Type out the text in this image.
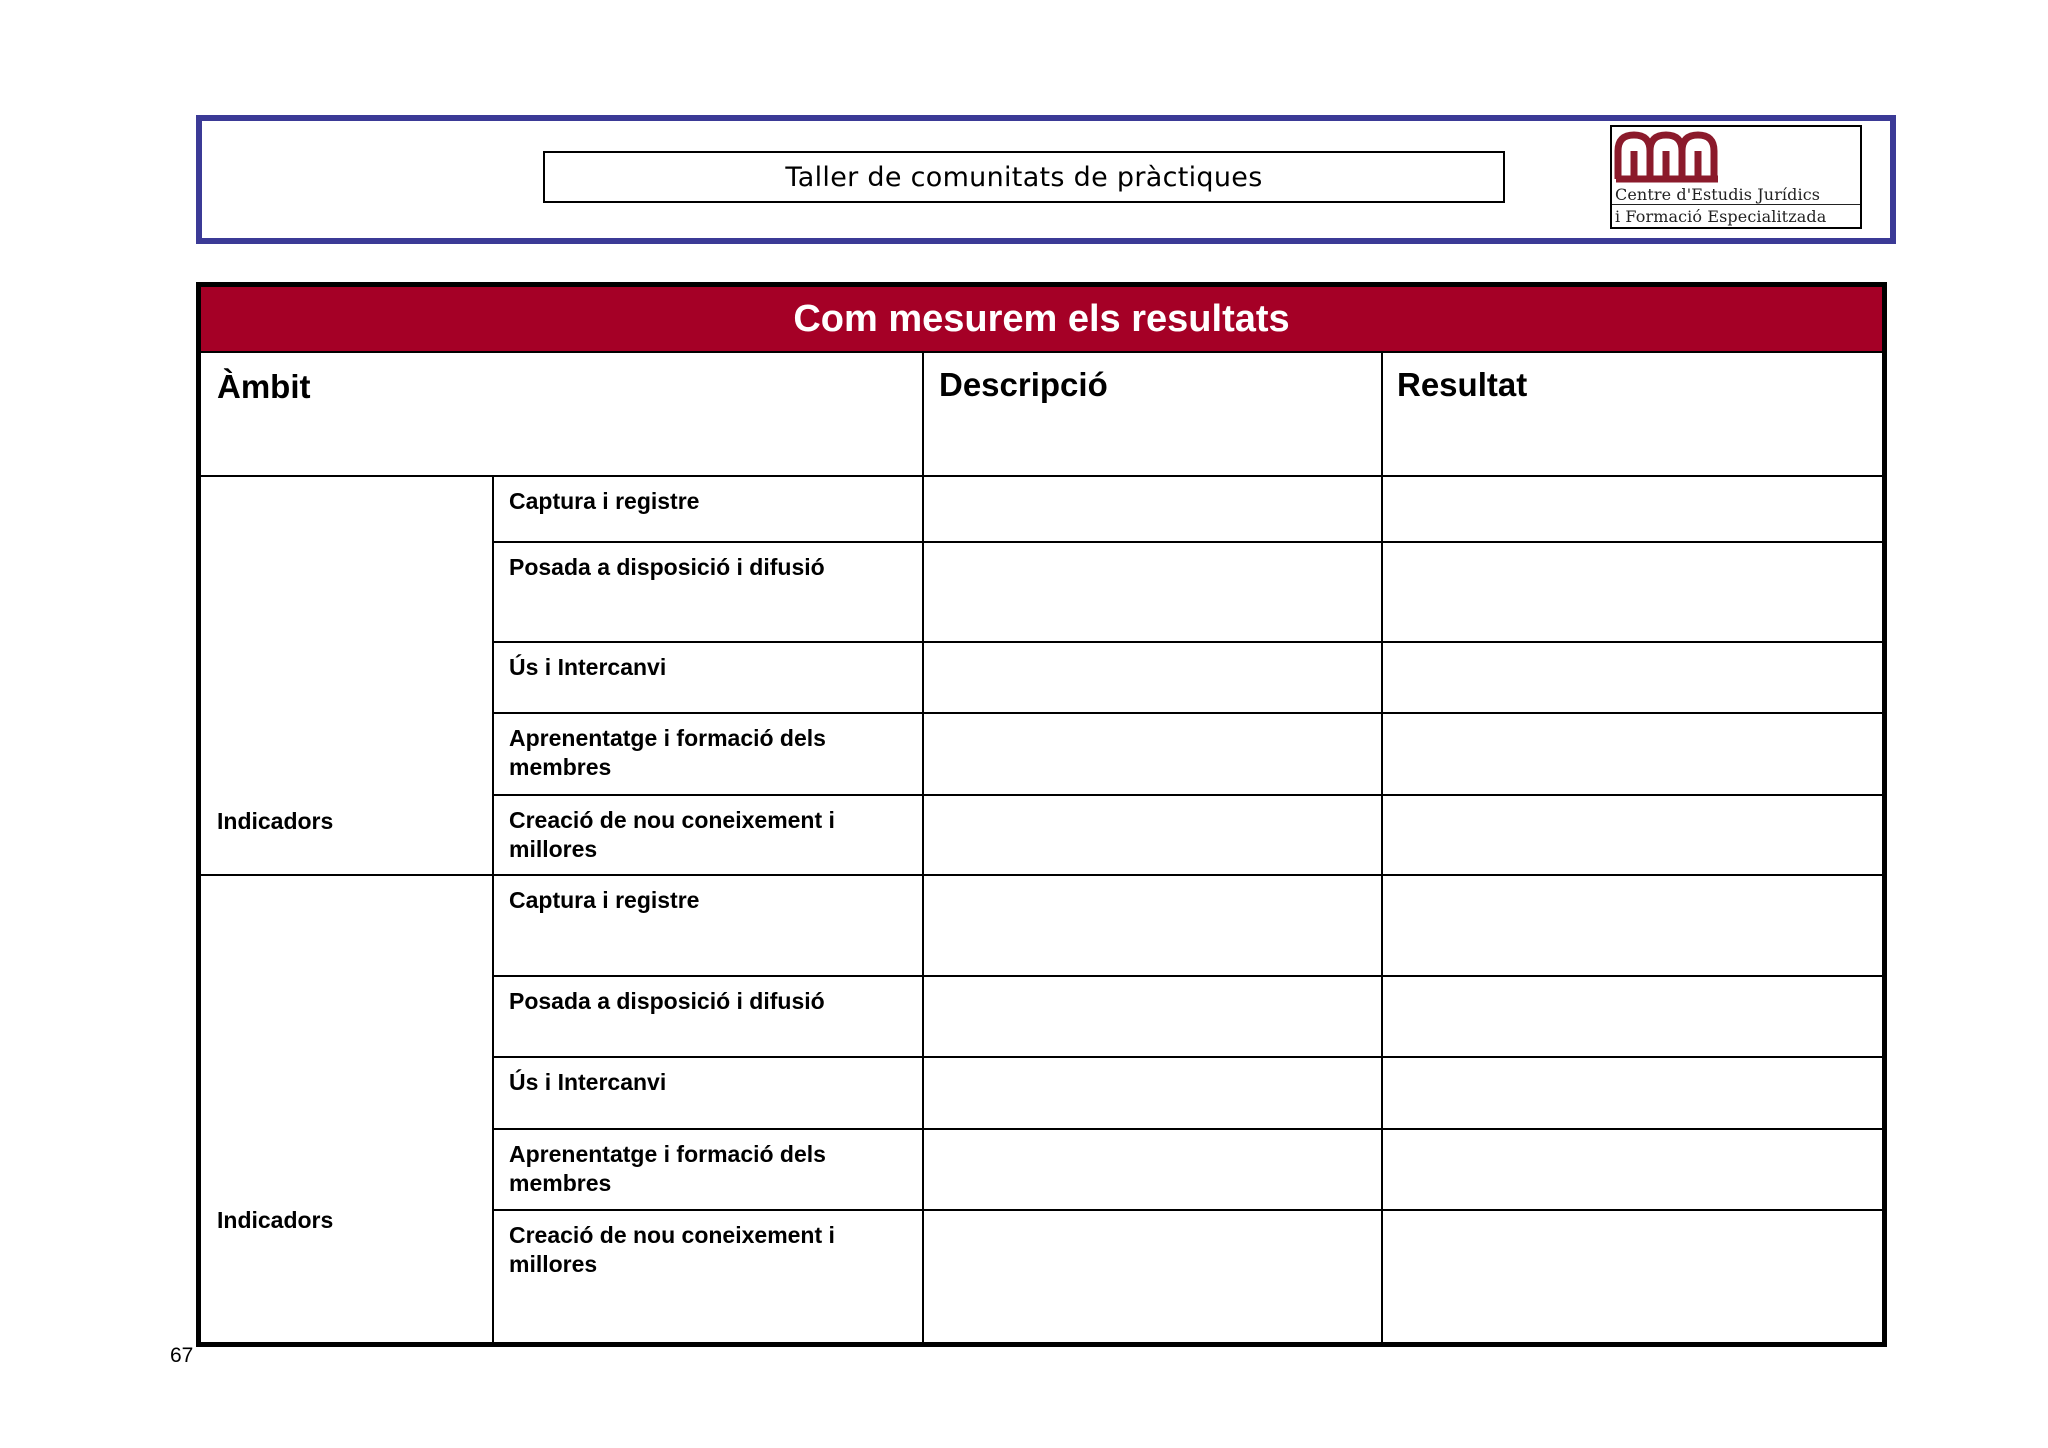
Taller de comunitats de pràctiques
Centre d'Estudis Jurídics
i Formació Especialitzada
Com mesurem els resultats
Àmbit	Descripció	Resultat
Indicadors
Captura i registre
Posada a disposició i difusió
Ús i Intercanvi
Aprenentatge i formació dels membres
Creació de nou coneixement i millores
Indicadors
Captura i registre
Posada a disposició i difusió
Ús i Intercanvi
Aprenentatge i formació dels membres
Creació de nou coneixement i millores
67
